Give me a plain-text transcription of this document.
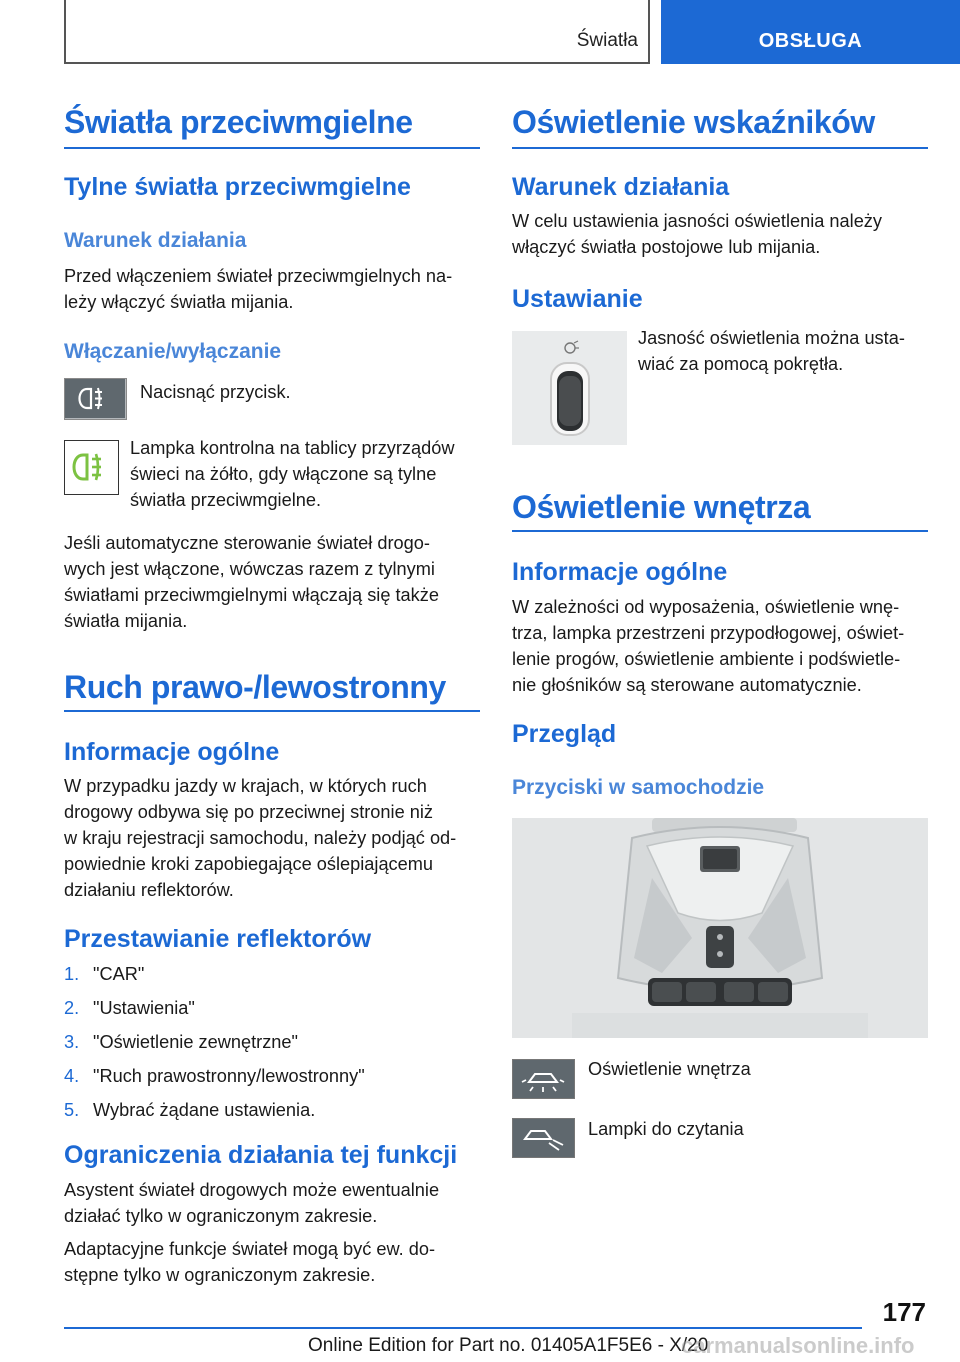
Światła	OBSŁUGA
Światła przeciwmgielne
Tylne światła przeciwmgielne
Warunek działania
Przed włączeniem świateł przeciwmgielnych na-
leży włączyć światła mijania.
Włączanie/wyłączanie
Nacisnąć przycisk.
Lampka kontrolna na tablicy przyrządów
świeci na żółto, gdy włączone są tylne
światła przeciwmgielne.
Jeśli automatyczne sterowanie świateł drogo-
wych jest włączone, wówczas razem z tylnymi
światłami przeciwmgielnymi włączają się także
światła mijania.
Ruch prawo-/lewostronny
Informacje ogólne
W przypadku jazdy w krajach, w których ruch
drogowy odbywa się po przeciwnej stronie niż
w kraju rejestracji samochodu, należy podjąć od-
powiednie kroki zapobiegające oślepiającemu
działaniu reflektorów.
Przestawianie reflektorów
1. "CAR"
2. "Ustawienia"
3. "Oświetlenie zewnętrzne"
4. "Ruch prawostronny/lewostronny"
5. Wybrać żądane ustawienia.
Ograniczenia działania tej funkcji
Asystent świateł drogowych może ewentualnie
działać tylko w ograniczonym zakresie.
Adaptacyjne funkcje świateł mogą być ew. do-
stępne tylko w ograniczonym zakresie.
Oświetlenie wskaźników
Warunek działania
W celu ustawienia jasności oświetlenia należy
włączyć światła postojowe lub mijania.
Ustawianie
Jasność oświetlenia można usta-
wiać za pomocą pokrętła.
Oświetlenie wnętrza
Informacje ogólne
W zależności od wyposażenia, oświetlenie wnę-
trza, lampka przestrzeni przypodłogowej, oświet-
lenie progów, oświetlenie ambiente i podświetle-
nie głośników są sterowane automatycznie.
Przegląd
Przyciski w samochodzie
Oświetlenie wnętrza
Lampki do czytania
177
Online Edition for Part no. 01405A1F5E6 - X/20
carmanualsonline.info
